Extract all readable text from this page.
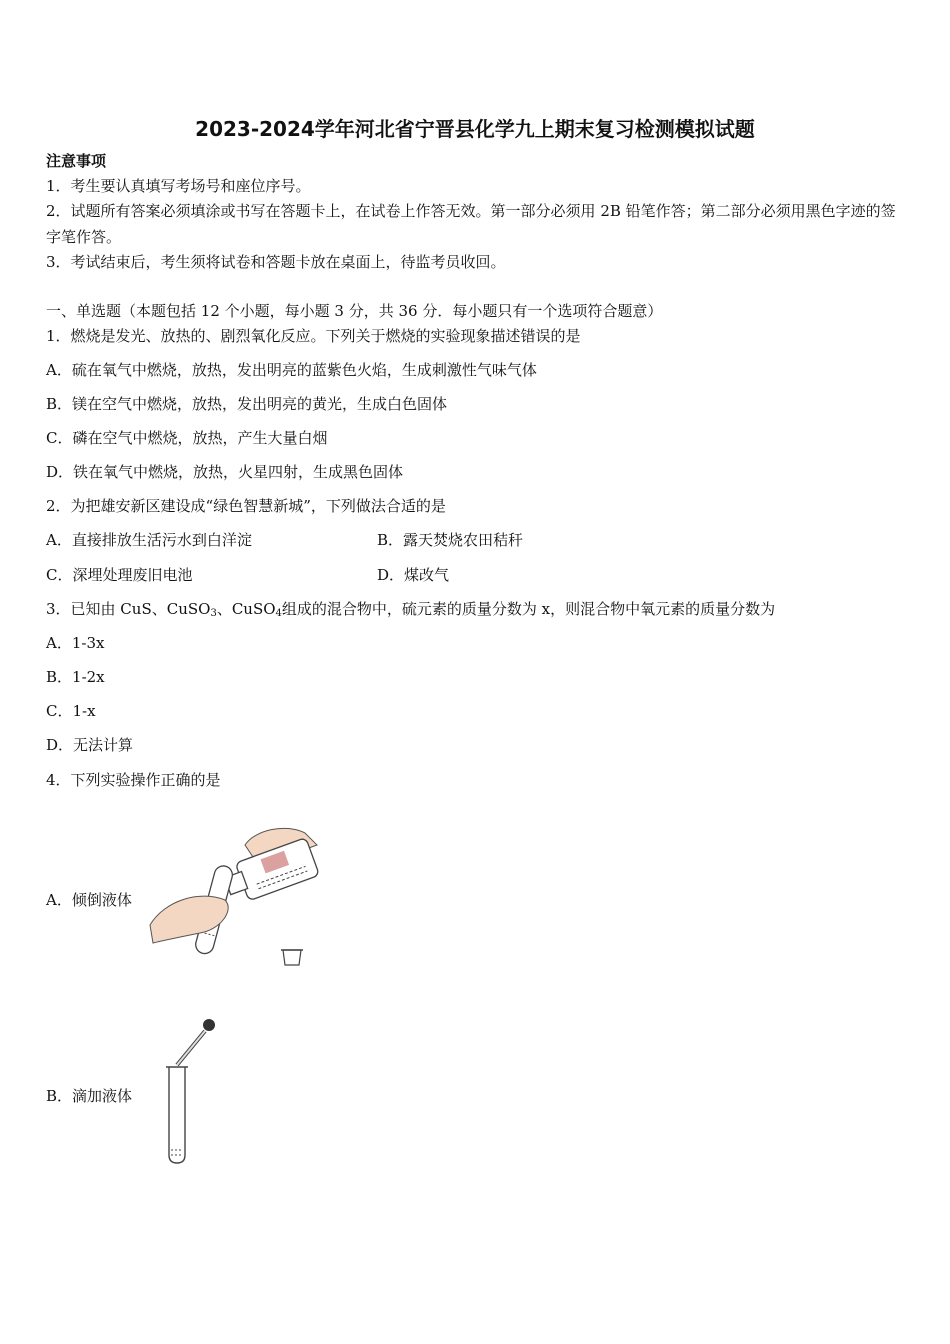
2023-2024学年河北省宁晋县化学九上期末复习检测模拟试题
注意事项
1．考生要认真填写考场号和座位序号。
2．试题所有答案必须填涂或书写在答题卡上，在试卷上作答无效。第一部分必须用 2B 铅笔作答；第二部分必须用黑色字迹的签字笔作答。
3．考试结束后，考生须将试卷和答题卡放在桌面上，待监考员收回。
一、单选题（本题包括 12 个小题，每小题 3 分，共 36 分．每小题只有一个选项符合题意）
1．燃烧是发光、放热的、剧烈氧化反应。下列关于燃烧的实验现象描述错误的是
A．硫在氧气中燃烧，放热，发出明亮的蓝紫色火焰，生成刺激性气味气体
B．镁在空气中燃烧，放热，发出明亮的黄光，生成白色固体
C．磷在空气中燃烧，放热，产生大量白烟
D．铁在氧气中燃烧，放热，火星四射，生成黑色固体
2．为把雄安新区建设成“绿色智慧新城”，下列做法合适的是
A．直接排放生活污水到白洋淀	B．露天焚烧农田秸秆
C．深埋处理废旧电池	D．煤改气
3．已知由 CuS、CuSO$_3$、CuSO$_4$组成的混合物中，硫元素的质量分数为 x，则混合物中氧元素的质量分数为
A．1-3x
B．1-2x
C．1-x
D．无法计算
4．下列实验操作正确的是
A．倾倒液体
B．滴加液体
